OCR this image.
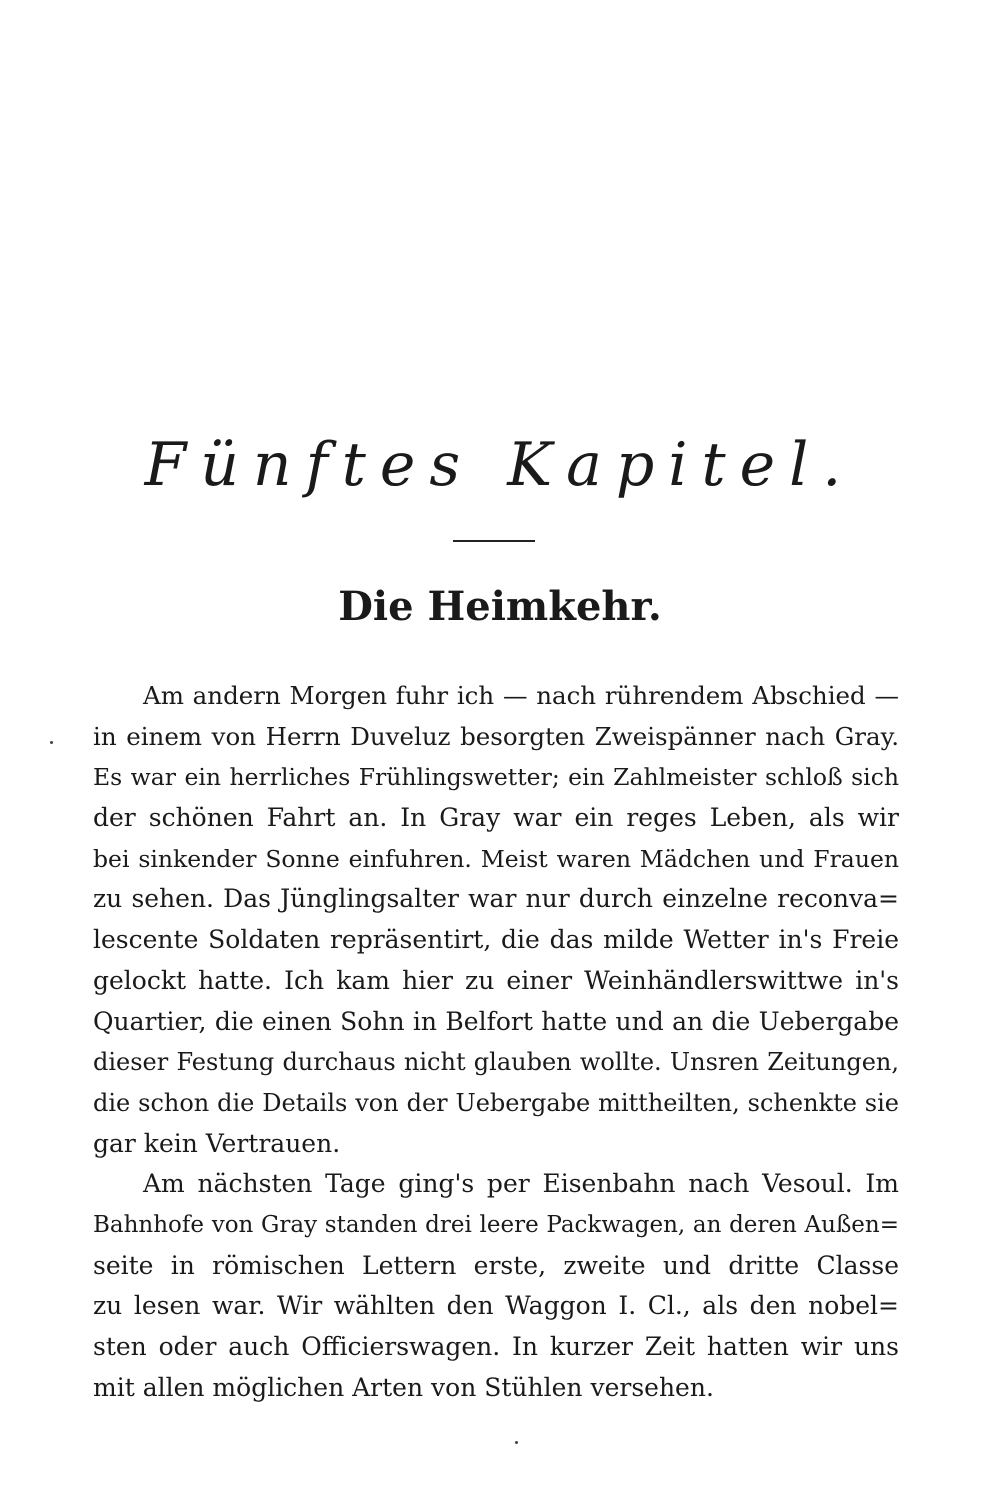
Fünftes Kapitel.
Die Heimkehr.
Am andern Morgen fuhr ich — nach rührendem Abschied —
in einem von Herrn Duveluz besorgten Zweispänner nach Gray.
Es war ein herrliches Frühlingswetter; ein Zahlmeister schloß sich
der schönen Fahrt an. In Gray war ein reges Leben, als wir
bei sinkender Sonne einfuhren. Meist waren Mädchen und Frauen
zu sehen. Das Jünglingsalter war nur durch einzelne reconva=
lescente Soldaten repräsentirt, die das milde Wetter in's Freie
gelockt hatte. Ich kam hier zu einer Weinhändlerswittwe in's
Quartier, die einen Sohn in Belfort hatte und an die Uebergabe
dieser Festung durchaus nicht glauben wollte. Unsren Zeitungen,
die schon die Details von der Uebergabe mittheilten, schenkte sie
gar kein Vertrauen.
Am nächsten Tage ging's per Eisenbahn nach Vesoul. Im
Bahnhofe von Gray standen drei leere Packwagen, an deren Außen=
seite in römischen Lettern erste, zweite und dritte Classe
zu lesen war. Wir wählten den Waggon I. Cl., als den nobel=
sten oder auch Officierswagen. In kurzer Zeit hatten wir uns
mit allen möglichen Arten von Stühlen versehen.
